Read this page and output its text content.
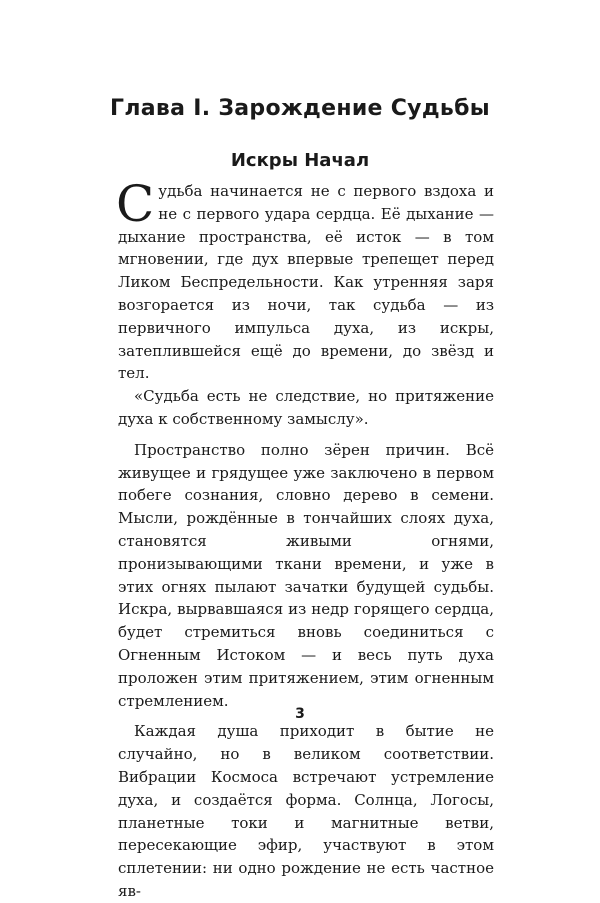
Глава I. Зарождение Судьбы
Искры Начал

Судьба начинается не с первого вздоха и не с первого удара сердца. Её дыхание — дыхание пространства, её исток — в том мгновении, где дух впервые трепещет перед Ликом Беспредельности. Как утренняя заря возгорается из ночи, так судьба — из первичного импульса духа, из искры, затеплившейся ещё до времени, до звёзд и тел.

«Судьба есть не следствие, но притяжение духа к собственному замыслу».

Пространство полно зёрен причин. Всё живущее и грядущее уже заключено в первом побеге сознания, словно дерево в семени. Мысли, рождённые в тончайших слоях духа, становятся живыми огнями, пронизывающими ткани времени, и уже в этих огнях пылают зачатки будущей судьбы. Искра, вырвавшаяся из недр горящего сердца, будет стремиться вновь соединиться с Огненным Истоком — и весь путь духа проложен этим притяжением, этим огненным стремлением.

Каждая душа приходит в бытие не случайно, но в великом соответствии. Вибрации Космоса встречают устремление духа, и создаётся форма. Солнца, Логосы, планетные токи и магнитные ветви, пересекающие эфир, участвуют в этом сплетении: ни одно рождение не есть частное яв-

3
